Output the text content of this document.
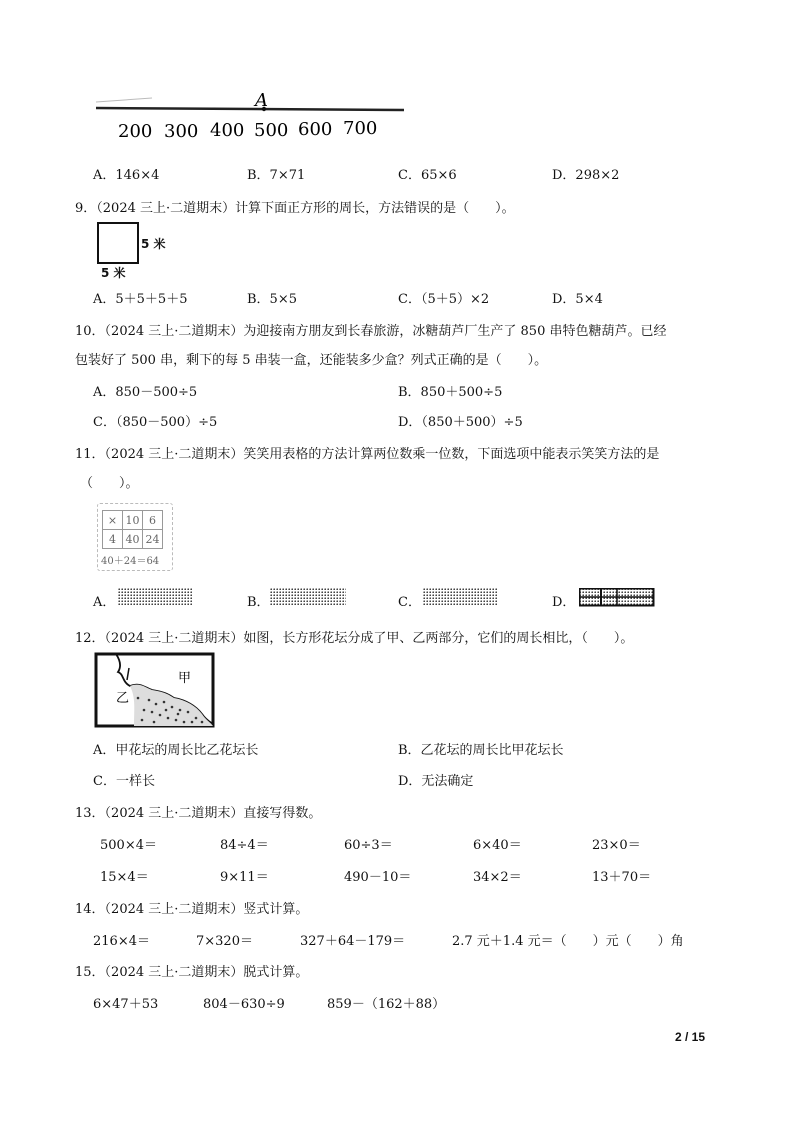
A
200 300 400 500 600 700
A．146×4	B．7×71	C．65×6	D．298×2
9．（2024 三上·二道期末）计算下面正方形的周长，方法错误的是（　　）。
5 米
5 米
A．5＋5＋5＋5	B．5×5	C．（5＋5）×2	D．5×4
10．（2024 三上·二道期末）为迎接南方朋友到长春旅游，冰糖葫芦厂生产了 850 串特色糖葫芦。已经
包装好了 500 串，剩下的每 5 串装一盒，还能装多少盒？列式正确的是（　　）。
A．850－500÷5	B．850＋500÷5
C．（850－500）÷5	D．（850＋500）÷5
11．（2024 三上·二道期末）笑笑用表格的方法计算两位数乘一位数，下面选项中能表示笑笑方法的是
（　　）。
×	10	6
4	40	24
40＋24＝64
A．	B．	C．	D．
12．（2024 三上·二道期末）如图，长方形花坛分成了甲、乙两部分，它们的周长相比，（　　）。
甲
乙
A．甲花坛的周长比乙花坛长	B．乙花坛的周长比甲花坛长
C．一样长	D．无法确定
13．（2024 三上·二道期末）直接写得数。
500×4＝	84÷4＝	60÷3＝	6×40＝	23×0＝
15×4＝	9×11＝	490－10＝	34×2＝	13＋70＝
14．（2024 三上·二道期末）竖式计算。
216×4＝	7×320＝	327＋64－179＝	2.7 元＋1.4 元＝（　　）元（　　）角
15．（2024 三上·二道期末）脱式计算。
6×47＋53	804－630÷9	859－（162＋88）
2 / 15
